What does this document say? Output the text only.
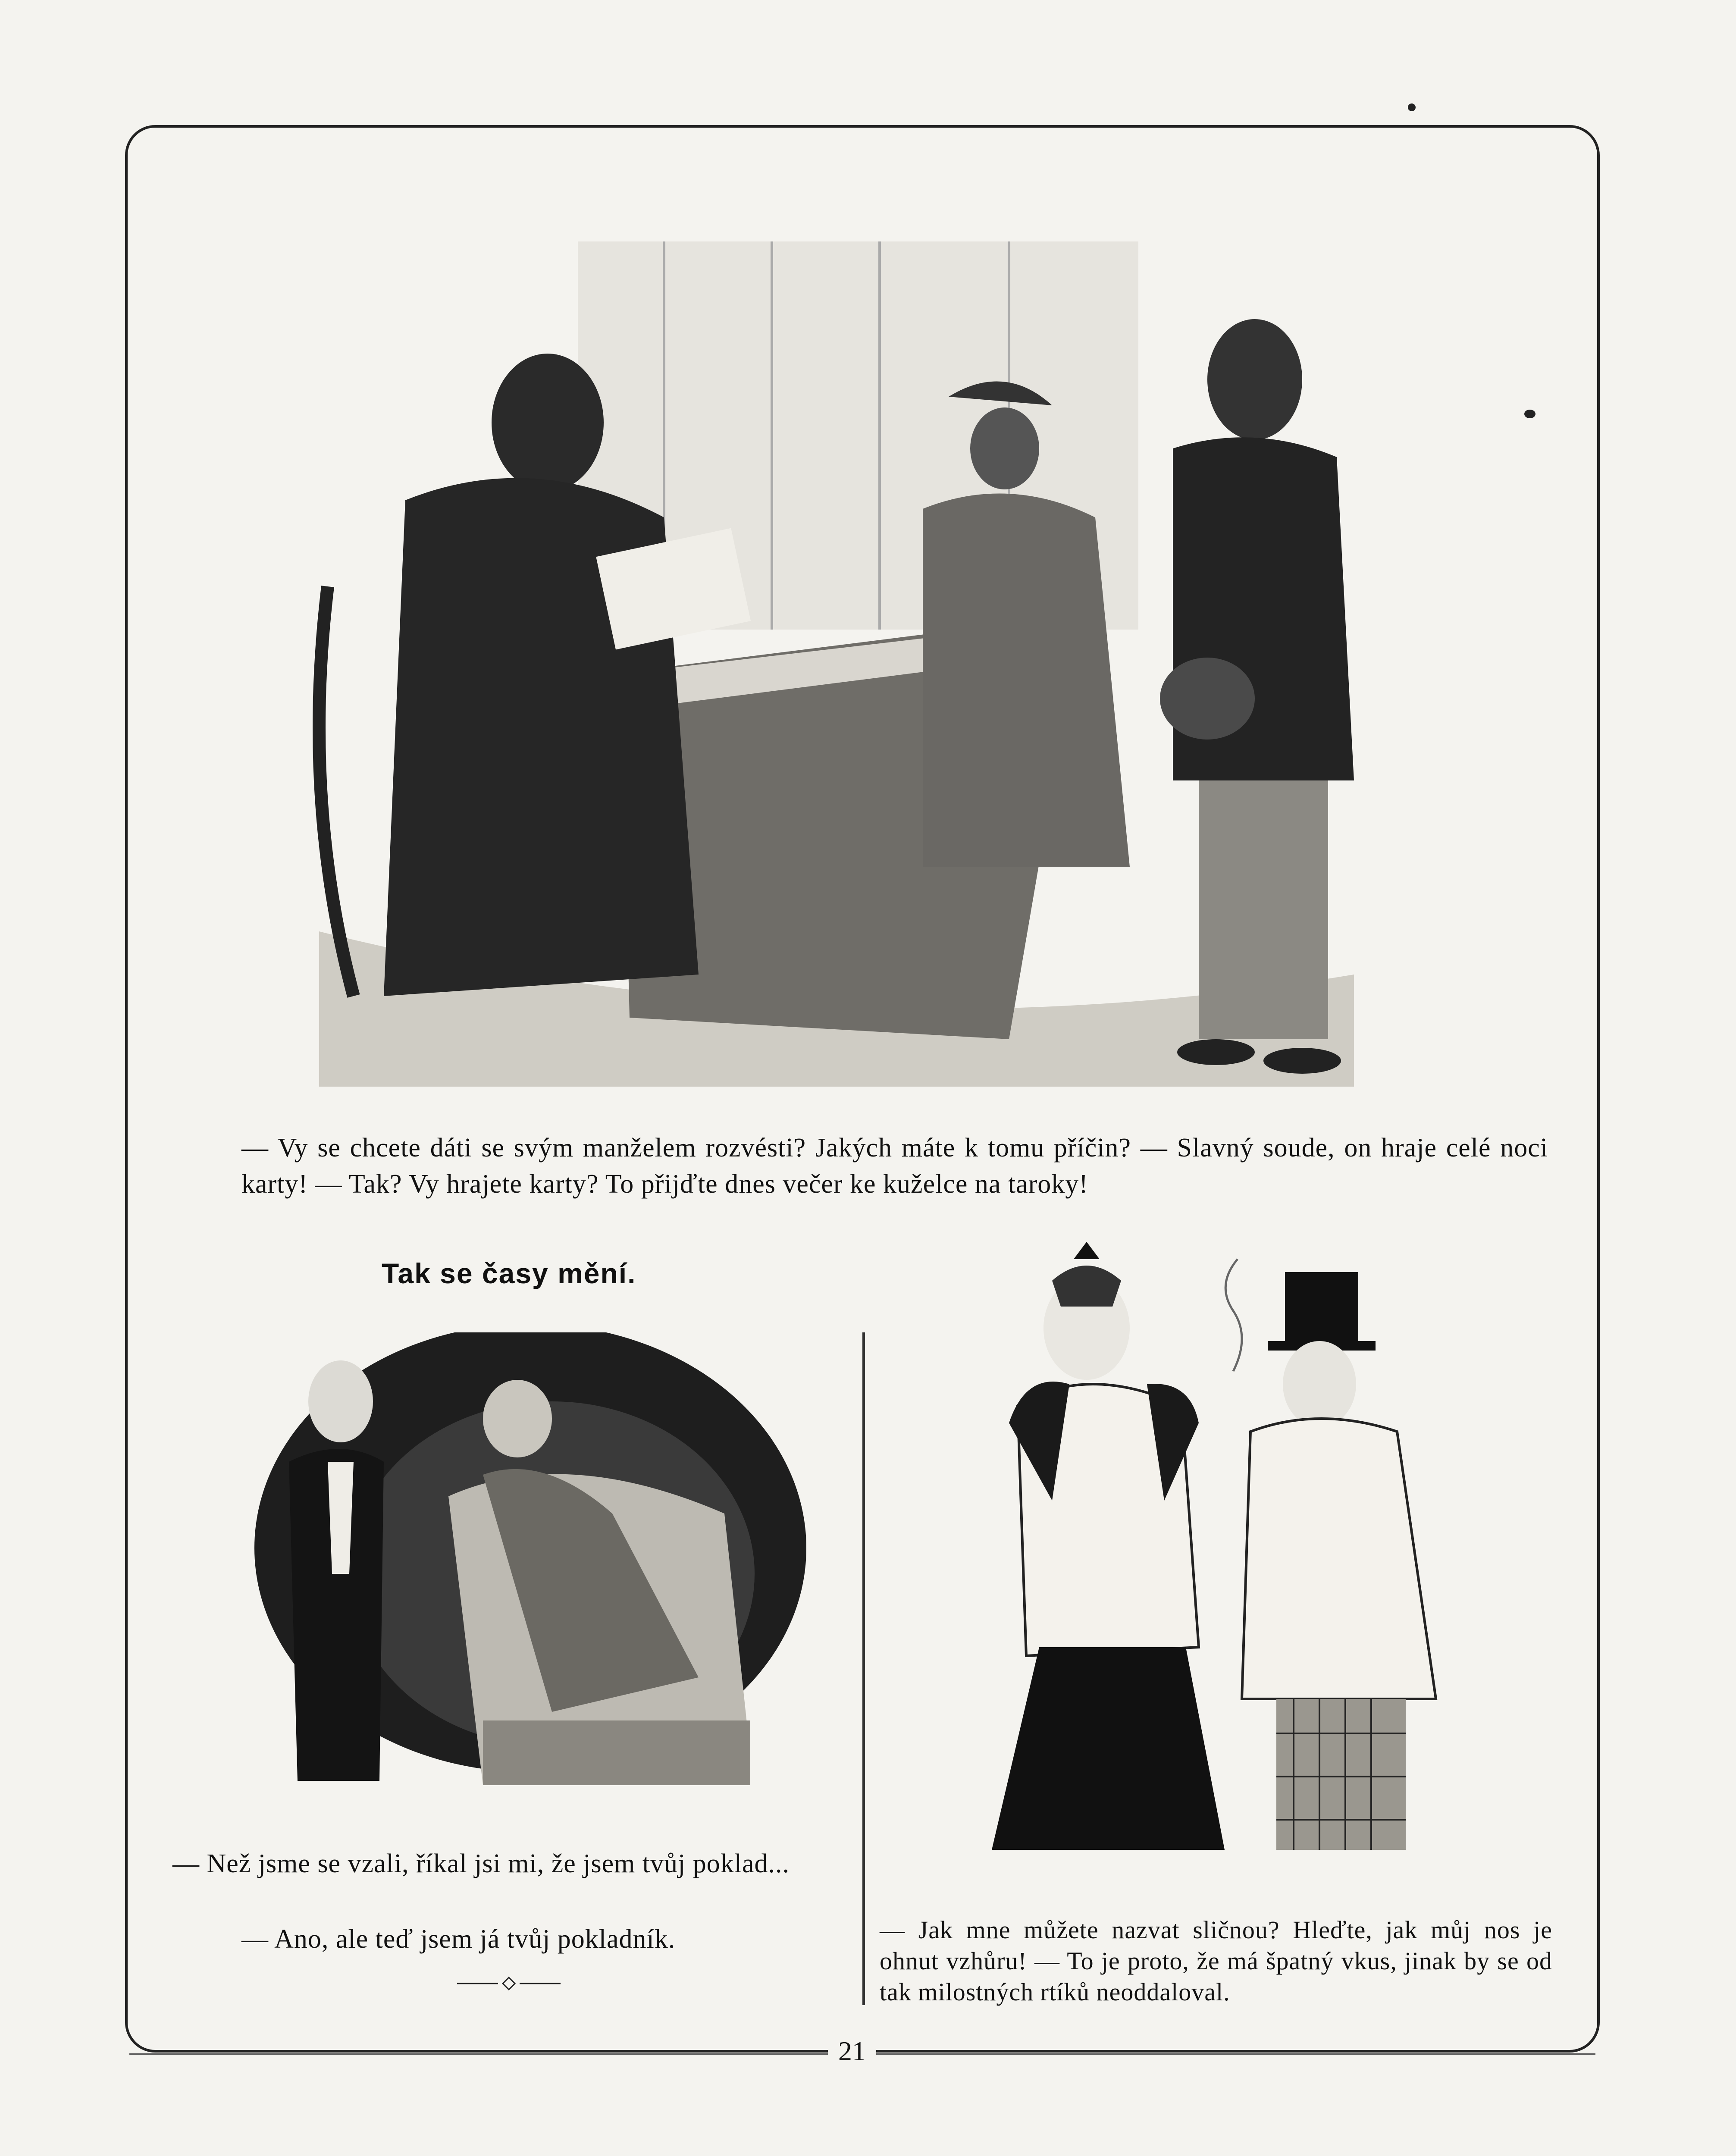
— Vy se chcete dáti se svým manželem rozvésti? Jakých máte k tomu příčin? — Slavný soude, on hraje celé noci karty! — Tak? Vy hrajete karty? To přijďte dnes večer ke kuželce na taroky!
Tak se časy mění.
— Než jsme se vzali, říkal jsi mi, že jsem tvůj poklad...
— Ano, ale teď jsem já tvůj pokladník.	— Jak mne můžete nazvat sličnou? Hleďte, jak můj nos je ohnut vzhůru! — To je proto, že má špatný vkus, jinak by se od tak milostných rtíků neoddaloval.
21
